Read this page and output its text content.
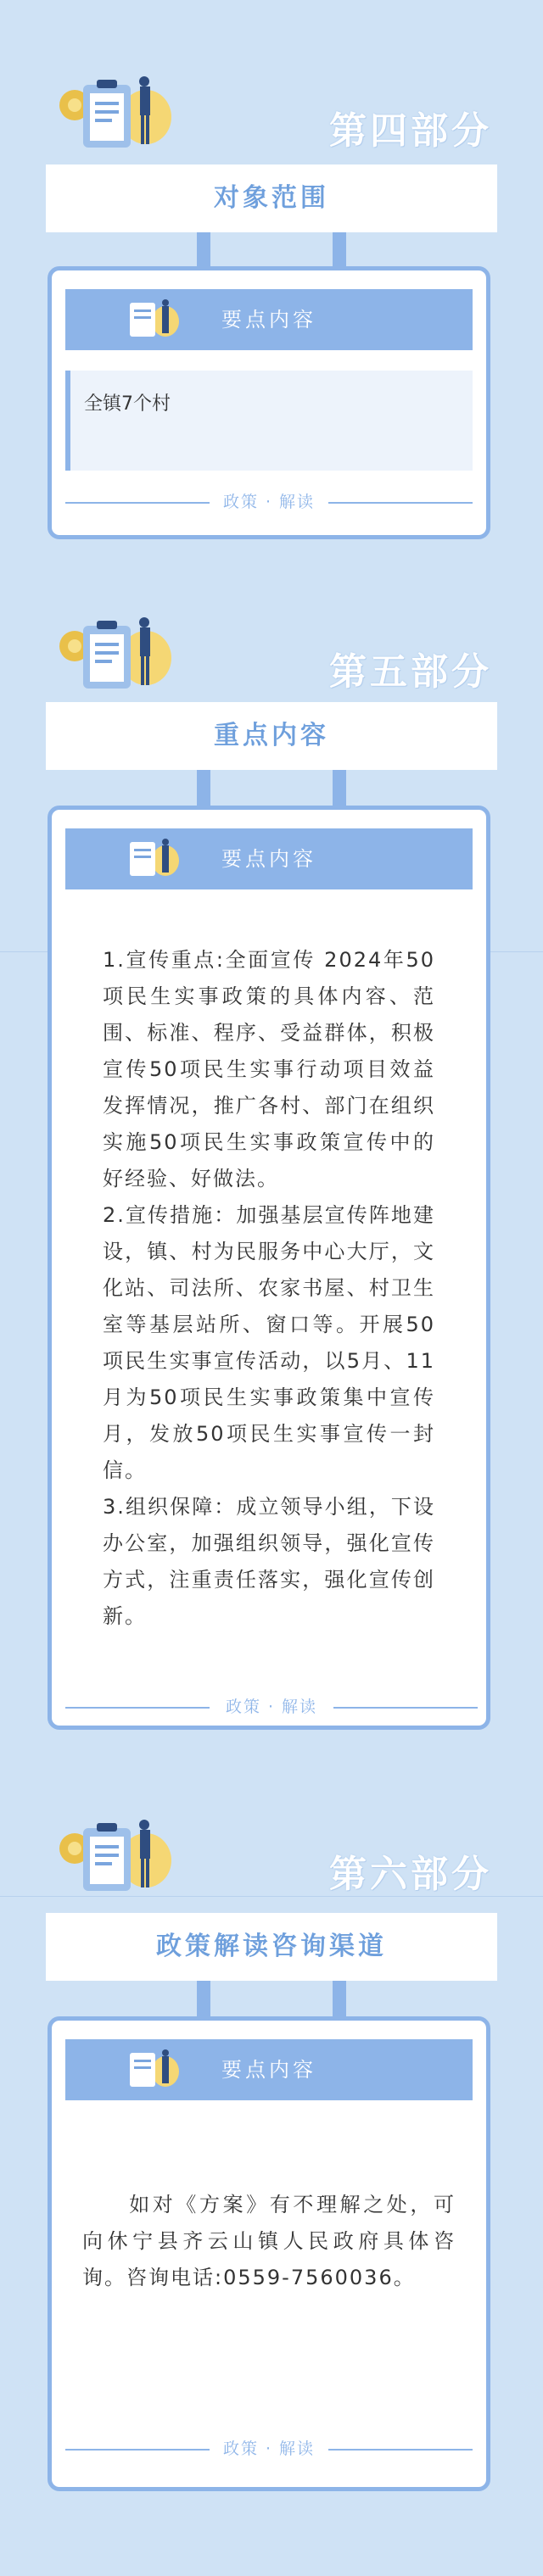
第四部分
对象范围
要点内容
全镇7个村
政策 · 解读
第五部分
重点内容
要点内容
1.宣传重点:全面宣传 2024年50项民生实事政策的具体内容、范围、标准、程序、受益群体，积极宣传50项民生实事行动项目效益发挥情况，推广各村、部门在组织实施50项民生实事政策宣传中的好经验、好做法。
2.宣传措施：加强基层宣传阵地建设，镇、村为民服务中心大厅，文化站、司法所、农家书屋、村卫生室等基层站所、窗口等。开展50项民生实事宣传活动，以5月、11月为50项民生实事政策集中宣传月，发放50项民生实事宣传一封信。
3.组织保障：成立领导小组，下设办公室，加强组织领导，强化宣传方式，注重责任落实，强化宣传创新。
政策 · 解读
第六部分
政策解读咨询渠道
要点内容
　　如对《方案》有不理解之处，可向休宁县齐云山镇人民政府具体咨询。咨询电话:0559-7560036。
政策 · 解读
